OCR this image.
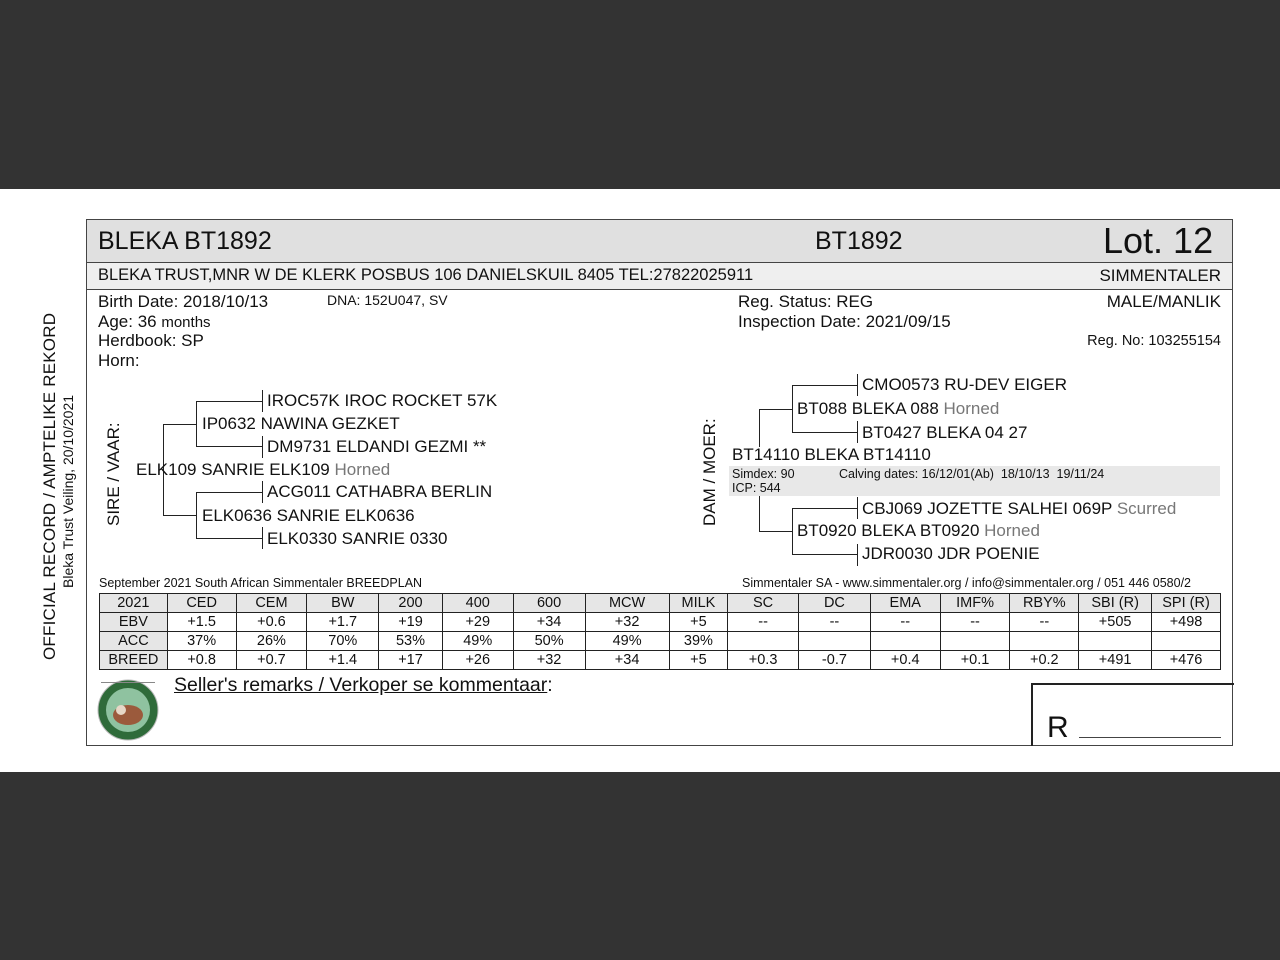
OFFICIAL RECORD / AMPTELIKE REKORD Bleka Trust Veiling, 20/10/2021
BLEKA BT1892	BT1892	Lot. 12
BLEKA TRUST,MNR W DE KLERK POSBUS 106 DANIELSKUIL 8405 TEL:27822025911	SIMMENTALER
Birth Date: 2018/10/13	DNA: 152U047, SV
Age: 36 months
Herdbook: SP
Horn:
Reg. Status: REG
Inspection Date: 2021/09/15
MALE/MANLIK
Reg. No: 103255154
SIRE / VAAR:
IROC57K IROC ROCKET 57K
IP0632 NAWINA GEZKET
DM9731 ELDANDI GEZMI **
ELK109 SANRIE ELK109 Horned
ACG011 CATHABRA BERLIN
ELK0636 SANRIE ELK0636
ELK0330 SANRIE 0330
DAM / MOER:
CMO0573 RU-DEV EIGER
BT088 BLEKA 088 Horned
BT0427 BLEKA 04 27
BT14110 BLEKA BT14110
Simdex: 90	Calving dates: 16/12/01(Ab)  18/10/13  19/11/24
ICP: 544
CBJ069 JOZETTE SALHEI 069P Scurred
BT0920 BLEKA BT0920 Horned
JDR0030 JDR POENIE
September 2021 South African Simmentaler BREEDPLAN	Simmentaler SA - www.simmentaler.org / info@simmentaler.org / 051 446 0580/2
2021	CED	CEM	BW	200	400	600	MCW	MILK	SC	DC	EMA	IMF%	RBY%	SBI (R)	SPI (R)
EBV	+1.5	+0.6	+1.7	+19	+29	+34	+32	+5	--	--	--	--	--	+505	+498
ACC	37%	26%	70%	53%	49%	50%	49%	39%							
BREED	+0.8	+0.7	+1.4	+17	+26	+32	+34	+5	+0.3	-0.7	+0.4	+0.1	+0.2	+491	+476
Seller's remarks / Verkoper se kommentaar:
R
